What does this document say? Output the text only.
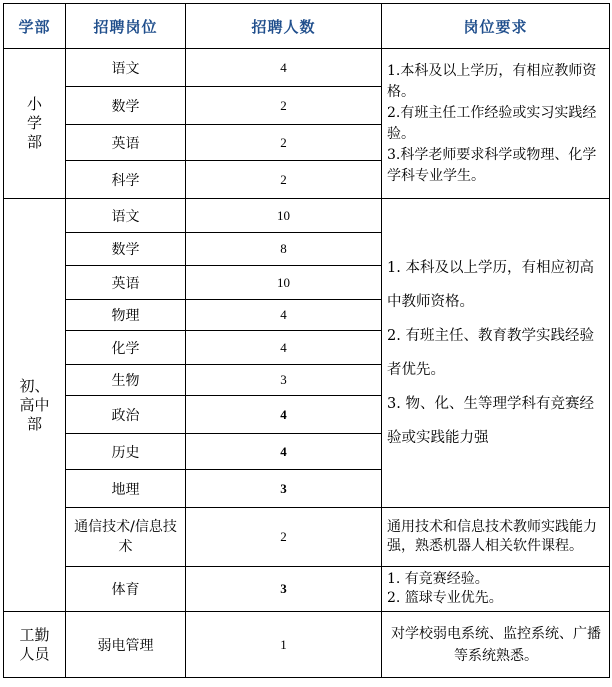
学部	招聘岗位	招聘人数	岗位要求
小学部	语文	4	1.本科及以上学历，有相应教师资格。
2.有班主任工作经验或实习实践经验。
3.科学老师要求科学或物理、化学学科专业学生。

	数学	2	
	英语	2	
	科学	2	
初、高中部	语文	10	1. 本科及以上学历，有相应初高中教师资格。
2. 有班主任、教育教学实践经验者优先。
3. 物、化、生等理学科有竞赛经验或实践能力强

	数学	8	
	英语	10	
	物理	4	
	化学	4	
	生物	3	
	政治	4	
	历史	4	
	地理	3	
	通信技术/信息技术	2	通用技术和信息技术教师实践能力强，熟悉机器人相关软件课程。

	体育	3	1. 有竞赛经验。
2. 篮球专业优先。

工勤人员	弱电管理	1	对学校弱电系统、监控系统、广播等系统熟悉。
